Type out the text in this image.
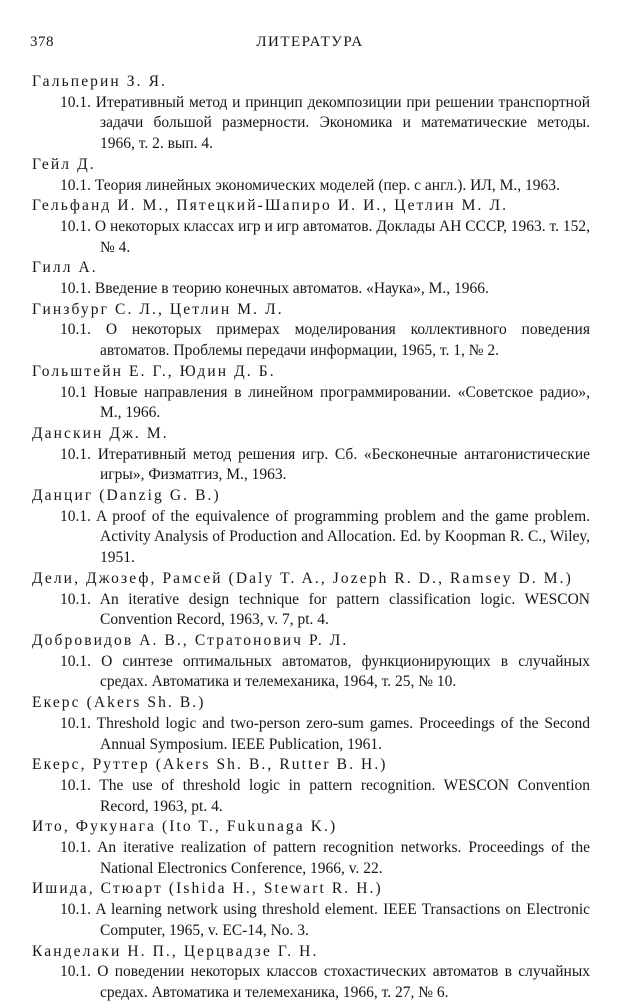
378	ЛИТЕРАТУРА
Гальперин З. Я.
10.1. Итеративный метод и принцип декомпозиции при решении транспортной задачи большой размерности. Экономика и математические методы. 1966, т. 2. вып. 4.
Гейл Д.
10.1. Теория линейных экономических моделей (пер. с англ.). ИЛ, М., 1963.
Гельфанд И. М., Пятецкий-Шапиро И. И., Цетлин М. Л.
10.1. О некоторых классах игр и игр автоматов. Доклады АН СССР, 1963. т. 152, № 4.
Гилл А.
10.1. Введение в теорию конечных автоматов. «Наука», М., 1966.
Гинзбург С. Л., Цетлин М. Л.
10.1. О некоторых примерах моделирования коллективного поведения автоматов. Проблемы передачи информации, 1965, т. 1, № 2.
Гольштейн Е. Г., Юдин Д. Б.
10.1 Новые направления в линейном программировании. «Советское радио», М., 1966.
Данскин Дж. М.
10.1. Итеративный метод решения игр. Сб. «Бесконечные антагонистические игры», Физматгиз, М., 1963.
Данциг (Danzig G. B.)
10.1. A proof of the equivalence of programming problem and the game problem. Activity Analysis of Production and Allocation. Ed. by Koopman R. C., Wiley, 1951.
Дели, Джозеф, Рамсей (Daly T. A., Jozeph R. D., Ramsey D. M.)
10.1. An iterative design technique for pattern classification logic. WESCON Convention Record, 1963, v. 7, pt. 4.
Добровидов А. В., Стратонович Р. Л.
10.1. О синтезе оптимальных автоматов, функционирующих в случайных средах. Автоматика и телемеханика, 1964, т. 25, № 10.
Екерс (Akers Sh. B.)
10.1. Threshold logic and two-person zero-sum games. Proceedings of the Second Annual Symposium. IEEE Publication, 1961.
Екерс, Руттер (Akers Sh. B., Rutter B. H.)
10.1. The use of threshold logic in pattern recognition. WESCON Convention Record, 1963, pt. 4.
Ито, Фукунага (Ito T., Fukunaga K.)
10.1. An iterative realization of pattern recognition networks. Proceedings of the National Electronics Conference, 1966, v. 22.
Ишида, Стюарт (Ishida H., Stewart R. H.)
10.1. A learning network using threshold element. IEEE Transactions on Electronic Computer, 1965, v. EC-14, No. 3.
Канделаки Н. П., Церцвадзе Г. Н.
10.1. О поведении некоторых классов стохастических автоматов в случайных средах. Автоматика и телемеханика, 1966, т. 27, № 6.
